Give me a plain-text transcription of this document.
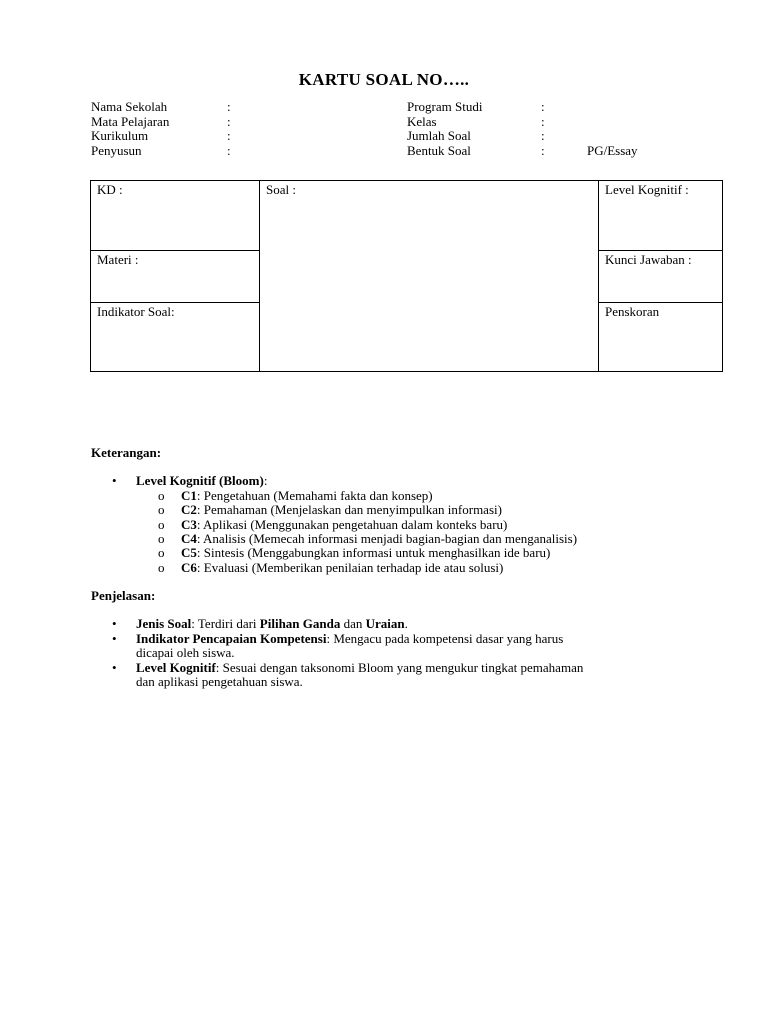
KARTU SOAL NO…..
Nama Sekolah	:	Program Studi	:
Mata Pelajaran	:	Kelas	:
Kurikulum	:	Jumlah Soal	:
Penyusun	:	Bentuk Soal	:	PG/Essay
KD :
Materi :
Indikator Soal:
Soal :	Level Kognitif :
Kunci Jawaban :
Penskoran
Keterangan:
• Level Kognitif (Bloom):
o C1: Pengetahuan (Memahami fakta dan konsep)
o C2: Pemahaman (Menjelaskan dan menyimpulkan informasi)
o C3: Aplikasi (Menggunakan pengetahuan dalam konteks baru)
o C4: Analisis (Memecah informasi menjadi bagian-bagian dan menganalisis)
o C5: Sintesis (Menggabungkan informasi untuk menghasilkan ide baru)
o C6: Evaluasi (Memberikan penilaian terhadap ide atau solusi)
Penjelasan:
• Jenis Soal: Terdiri dari Pilihan Ganda dan Uraian.
• Indikator Pencapaian Kompetensi: Mengacu pada kompetensi dasar yang harus
dicapai oleh siswa.
• Level Kognitif: Sesuai dengan taksonomi Bloom yang mengukur tingkat pemahaman
dan aplikasi pengetahuan siswa.
